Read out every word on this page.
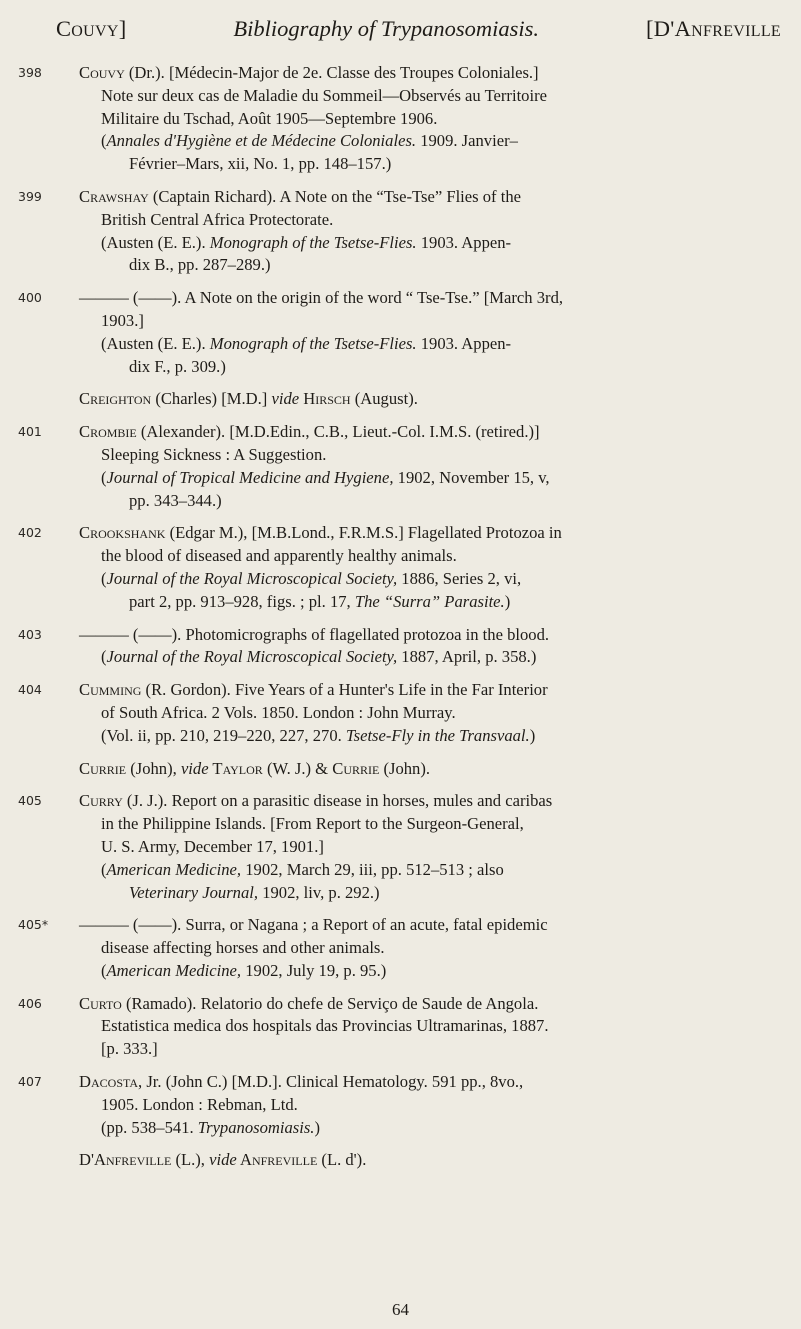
Couvy]	Bibliography of Trypanosomiasis.	[D'Anfreville
398	Couvy (Dr.). [Médecin-Major de 2e. Classe des Troupes Coloniales.]
Note sur deux cas de Maladie du Sommeil—Observés au Territoire
Militaire du Tschad, Août 1905—Septembre 1906.
(Annales d'Hygiène et de Médecine Coloniales. 1909. Janvier–
Février–Mars, xii, No. 1, pp. 148–157.)
399	Crawshay (Captain Richard). A Note on the “Tse-Tse” Flies of the
British Central Africa Protectorate.
(Austen (E. E.). Monograph of the Tsetse-Flies. 1903. Appen-
dix B., pp. 287–289.)
400	——— (——). A Note on the origin of the word “ Tse-Tse.” [March 3rd,
1903.]
(Austen (E. E.). Monograph of the Tsetse-Flies. 1903. Appen-
dix F., p. 309.)
Creighton (Charles) [M.D.] vide Hirsch (August).
401	Crombie (Alexander). [M.D.Edin., C.B., Lieut.-Col. I.M.S. (retired.)]
Sleeping Sickness : A Suggestion.
(Journal of Tropical Medicine and Hygiene, 1902, November 15, v,
pp. 343–344.)
402	Crookshank (Edgar M.), [M.B.Lond., F.R.M.S.] Flagellated Protozoa in
the blood of diseased and apparently healthy animals.
(Journal of the Royal Microscopical Society, 1886, Series 2, vi,
part 2, pp. 913–928, figs. ; pl. 17, The “Surra” Parasite.)
403	——— (——). Photomicrographs of flagellated protozoa in the blood.
(Journal of the Royal Microscopical Society, 1887, April, p. 358.)
404	Cumming (R. Gordon). Five Years of a Hunter's Life in the Far Interior
of South Africa. 2 Vols. 1850. London : John Murray.
(Vol. ii, pp. 210, 219–220, 227, 270. Tsetse-Fly in the Transvaal.)
Currie (John), vide Taylor (W. J.) & Currie (John).
405	Curry (J. J.). Report on a parasitic disease in horses, mules and caribas
in the Philippine Islands. [From Report to the Surgeon-General,
U. S. Army, December 17, 1901.]
(American Medicine, 1902, March 29, iii, pp. 512–513 ; also
Veterinary Journal, 1902, liv, p. 292.)
405*	——— (——). Surra, or Nagana ; a Report of an acute, fatal epidemic
disease affecting horses and other animals.
(American Medicine, 1902, July 19, p. 95.)
406	Curto (Ramado). Relatorio do chefe de Serviço de Saude de Angola.
Estatistica medica dos hospitals das Provincias Ultramarinas, 1887.
[p. 333.]
407	Dacosta, Jr. (John C.) [M.D.]. Clinical Hematology. 591 pp., 8vo.,
1905. London : Rebman, Ltd.
(pp. 538–541. Trypanosomiasis.)
D'Anfreville (L.), vide Anfreville (L. d').
64
